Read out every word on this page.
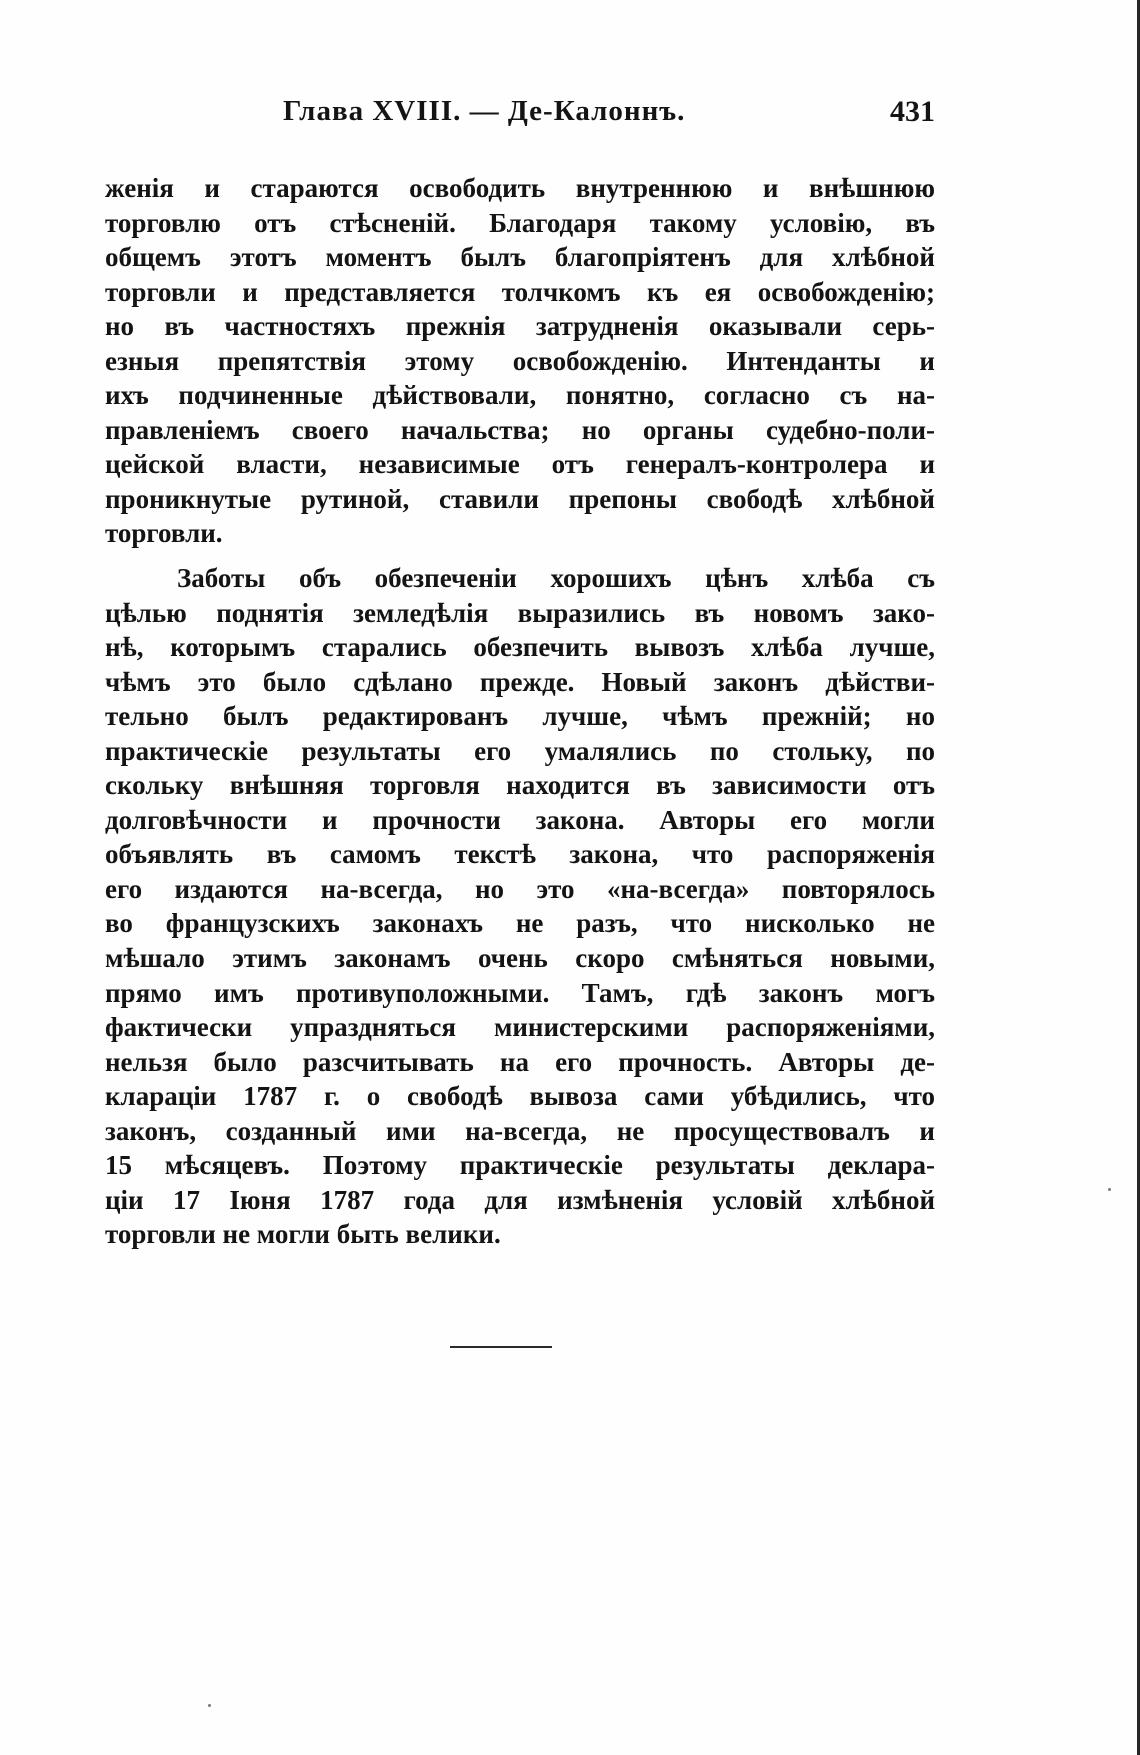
Глава XVIII. — Де-Калоннъ.	431
женія и стараются освободить внутреннюю и внѣшнюю
торговлю отъ стѣсненій. Благодаря такому условію, въ
общемъ этотъ моментъ былъ благопріятенъ для хлѣбной
торговли и представляется толчкомъ къ ея освобожденію;
но въ частностяхъ прежнія затрудненія оказывали серь-
езныя препятствія этому освобожденію. Интенданты и
ихъ подчиненные дѣйствовали, понятно, согласно съ на-
правленіемъ своего начальства; но органы судебно-поли-
цейской власти, независимые отъ генералъ-контролера и
проникнутые рутиной, ставили препоны свободѣ хлѣбной
торговли.
Заботы объ обезпеченіи хорошихъ цѣнъ хлѣба съ
цѣлью поднятія земледѣлія выразились въ новомъ зако-
нѣ, которымъ старались обезпечить вывозъ хлѣба лучше,
чѣмъ это было сдѣлано прежде. Новый законъ дѣйстви-
тельно былъ редактированъ лучше, чѣмъ прежній; но
практическіе результаты его умалялись по стольку, по
скольку внѣшняя торговля находится въ зависимости отъ
долговѣчности и прочности закона. Авторы его могли
объявлять въ самомъ текстѣ закона, что распоряженія
его издаются на-всегда, но это «на-всегда» повторялось
во французскихъ законахъ не разъ, что нисколько не
мѣшало этимъ законамъ очень скоро смѣняться новыми,
прямо имъ противуположными. Тамъ, гдѣ законъ могъ
фактически упраздняться министерскими распоряженіями,
нельзя было разсчитывать на его прочность. Авторы де-
клараціи 1787 г. о свободѣ вывоза сами убѣдились, что
законъ, созданный ими на-всегда, не просуществовалъ и
15 мѣсяцевъ. Поэтому практическіе результаты деклара-
ціи 17 Іюня 1787 года для измѣненія условій хлѣбной
торговли не могли быть велики.
